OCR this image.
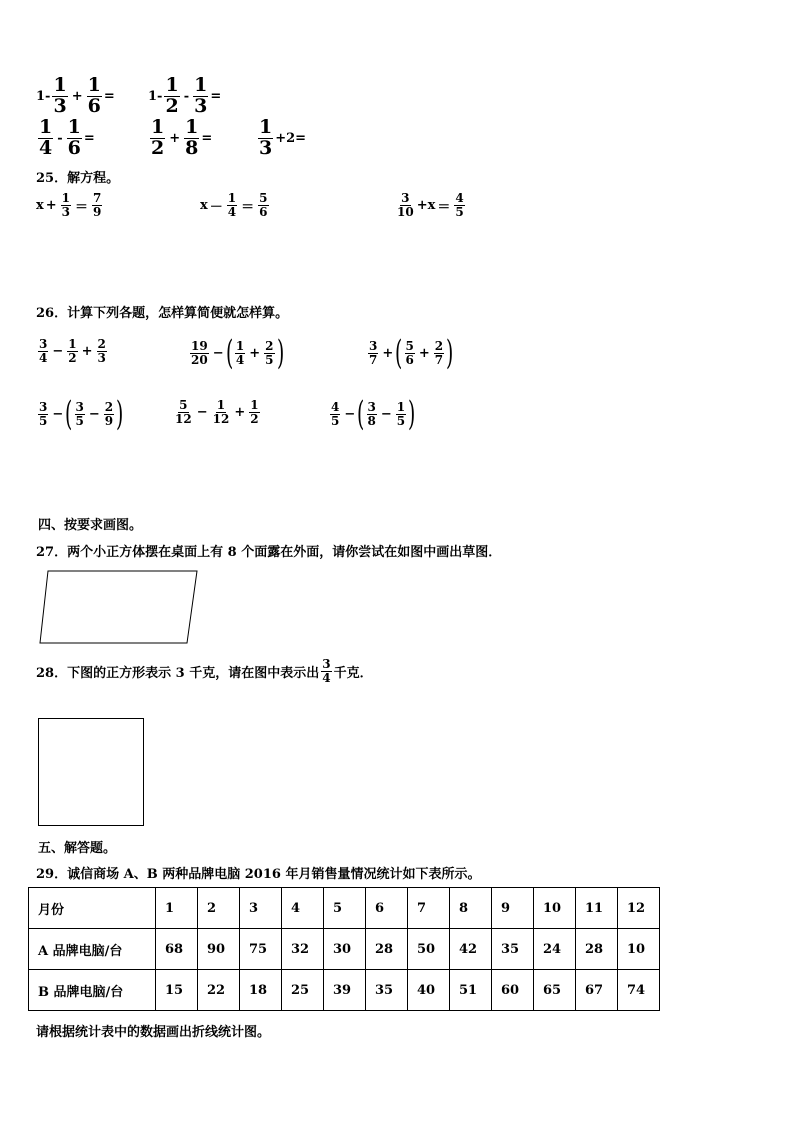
$1- \frac{1}{3} + \frac{1}{6}$ =	$1- \frac{1}{2} - \frac{1}{3}$ =
$\frac{1}{4} - \frac{1}{6}$ =	$\frac{1}{2} + \frac{1}{8} = \frac{1}{3} +2=$
25．解方程。
$x + \frac{1}{3} = \frac{7}{9}$	$x - \frac{1}{4} = \frac{5}{6}$	$\frac{3}{10} +x = \frac{4}{5}$
26．计算下列各题，怎样算简便就怎样算。
$\frac{3}{4} - \frac{1}{2} + \frac{2}{3}$	$\frac{19}{20}$ − ( $\frac{1}{4} + \frac{2}{5}$ )	$\frac{3}{7}$ + ( $\frac{5}{6} + \frac{2}{7}$ )
$\frac{3}{5}$ − ( $\frac{3}{5} - \frac{2}{9}$ )	$\frac{5}{12} - \frac{1}{12} + \frac{1}{2}$	$\frac{4}{5}$ − ( $\frac{3}{8} - \frac{1}{5}$ )
四、按要求画图。
27．两个小正方体摆在桌面上有 8 个面露在外面，请你尝试在如图中画出草图．
28．下图的正方形表示 3 千克，请在图中表示出 $\frac{3}{4}$ 千克．
五、解答题。
29．诚信商场 A、B 两种品牌电脑 2016 年月销售量情况统计如下表所示。
月份	1	2	3	4	5	6	7	8	9	10	11	12
A 品牌电脑/台	68	90	75	32	30	28	50	42	35	24	28	10
B 品牌电脑/台	15	22	18	25	39	35	40	51	60	65	67	74
请根据统计表中的数据画出折线统计图。
